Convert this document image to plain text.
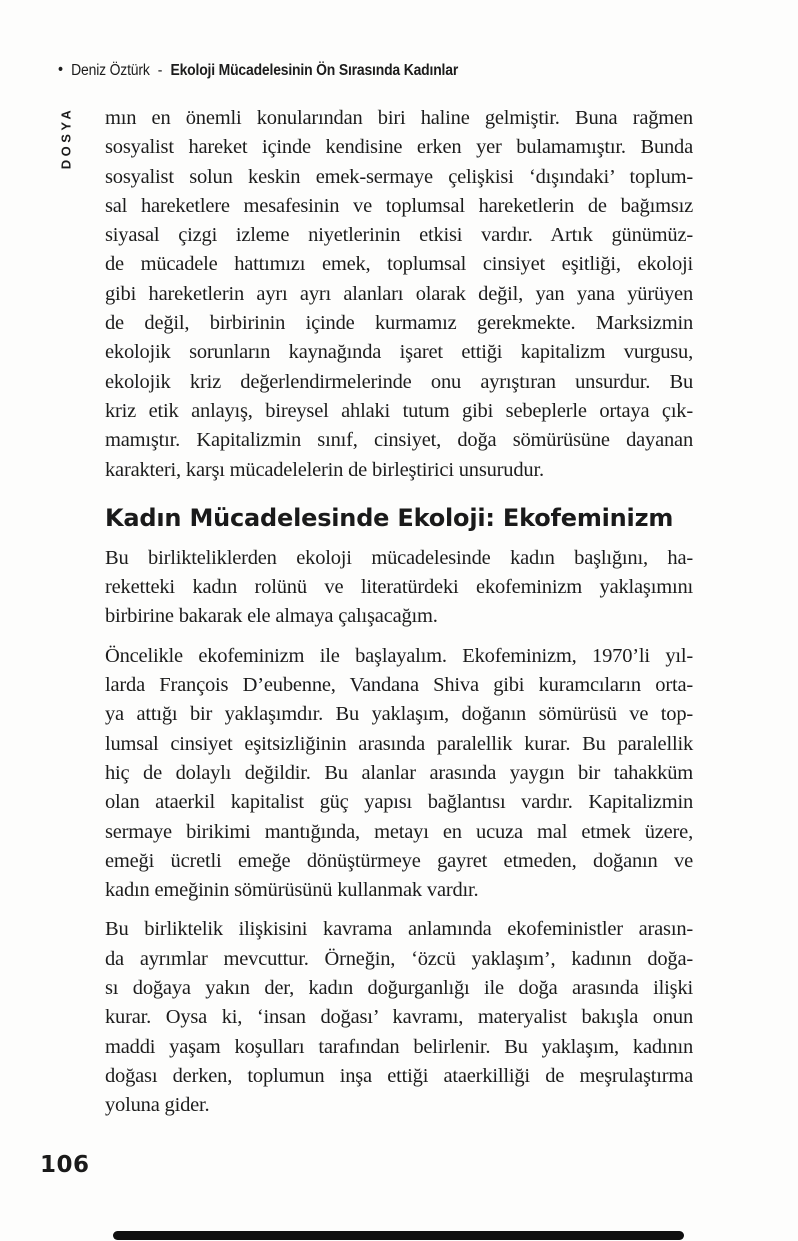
• Deniz Öztürk - Ekoloji Mücadelesinin Ön Sırasında Kadınlar
DOSYA mın en önemli konularından biri haline gelmiştir. Buna rağmen
sosyalist hareket içinde kendisine erken yer bulamamıştır. Bunda
sosyalist solun keskin emek-sermaye çelişkisi ‘dışındaki’ toplum-
sal hareketlere mesafesinin ve toplumsal hareketlerin de bağımsız
siyasal çizgi izleme niyetlerinin etkisi vardır. Artık günümüz-
de mücadele hattımızı emek, toplumsal cinsiyet eşitliği, ekoloji
gibi hareketlerin ayrı ayrı alanları olarak değil, yan yana yürüyen
de değil, birbirinin içinde kurmamız gerekmekte. Marksizmin
ekolojik sorunların kaynağında işaret ettiği kapitalizm vurgusu,
ekolojik kriz değerlendirmelerinde onu ayrıştıran unsurdur. Bu
kriz etik anlayış, bireysel ahlaki tutum gibi sebeplerle ortaya çık-
mamıştır. Kapitalizmin sınıf, cinsiyet, doğa sömürüsüne dayanan
karakteri, karşı mücadelelerin de birleştirici unsurudur.
Kadın Mücadelesinde Ekoloji: Ekofeminizm
Bu birlikteliklerden ekoloji mücadelesinde kadın başlığını, ha-
reketteki kadın rolünü ve literatürdeki ekofeminizm yaklaşımını
birbirine bakarak ele almaya çalışacağım.
Öncelikle ekofeminizm ile başlayalım. Ekofeminizm, 1970’li yıl-
larda François D’eubenne, Vandana Shiva gibi kuramcıların orta-
ya attığı bir yaklaşımdır. Bu yaklaşım, doğanın sömürüsü ve top-
lumsal cinsiyet eşitsizliğinin arasında paralellik kurar. Bu paralellik
hiç de dolaylı değildir. Bu alanlar arasında yaygın bir tahakküm
olan ataerkil kapitalist güç yapısı bağlantısı vardır. Kapitalizmin
sermaye birikimi mantığında, metayı en ucuza mal etmek üzere,
emeği ücretli emeğe dönüştürmeye gayret etmeden, doğanın ve
kadın emeğinin sömürüsünü kullanmak vardır.
Bu birliktelik ilişkisini kavrama anlamında ekofeministler arasın-
da ayrımlar mevcuttur. Örneğin, ‘özcü yaklaşım’, kadının doğa-
sı doğaya yakın der, kadın doğurganlığı ile doğa arasında ilişki
kurar. Oysa ki, ‘insan doğası’ kavramı, materyalist bakışla onun
maddi yaşam koşulları tarafından belirlenir. Bu yaklaşım, kadının
doğası derken, toplumun inşa ettiği ataerkilliği de meşrulaştırma
yoluna gider.
106
